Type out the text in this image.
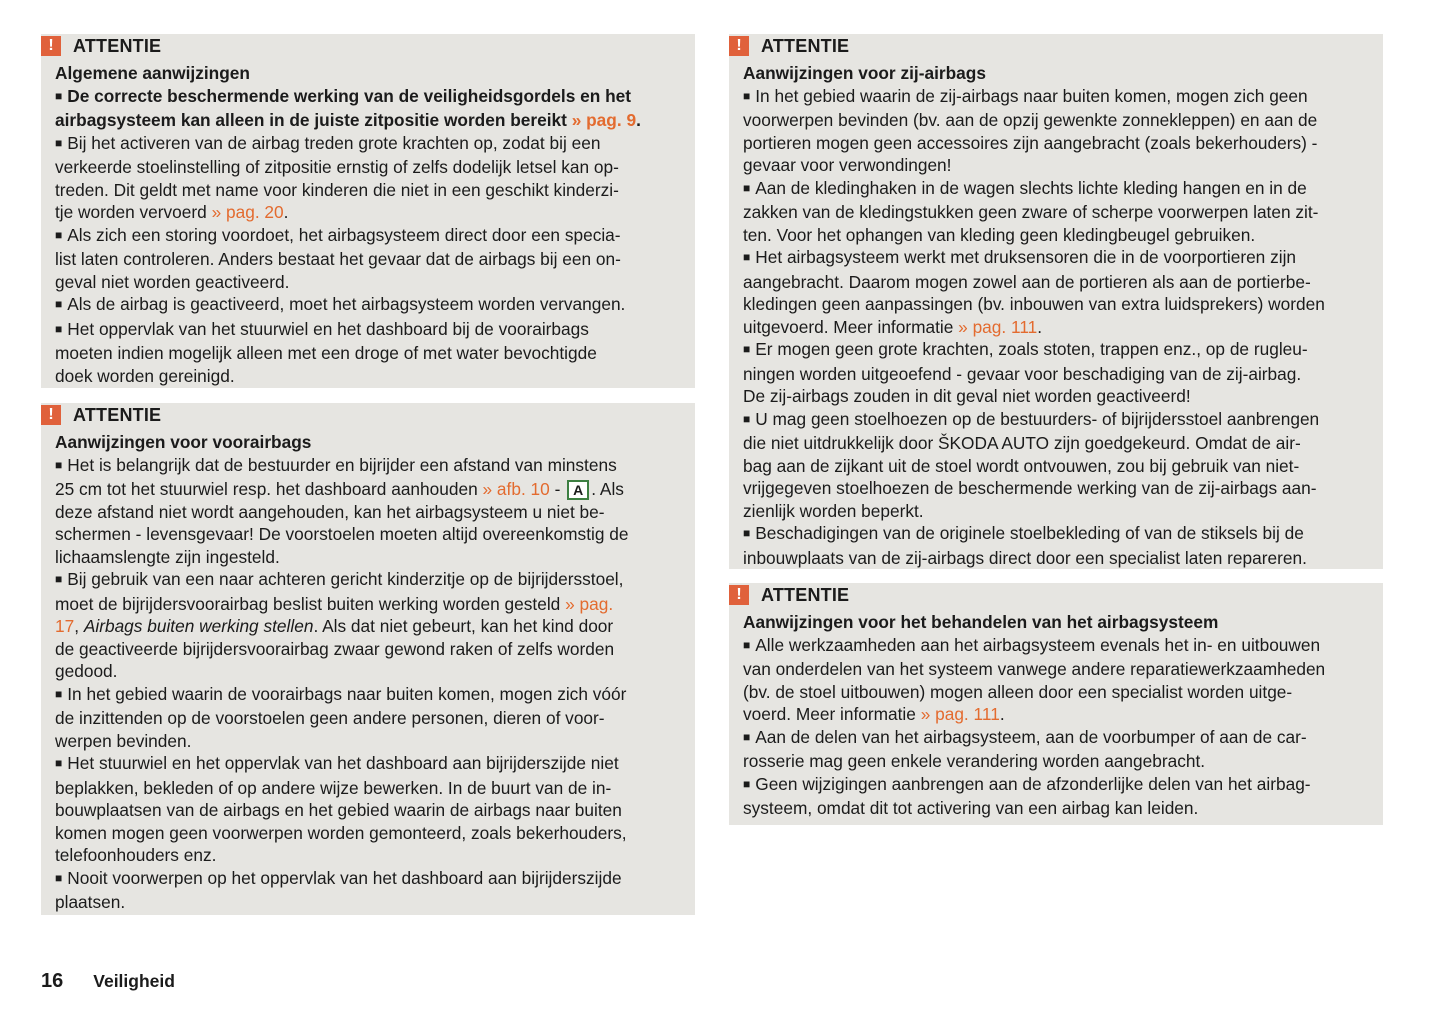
!	ATTENTIE
Algemene aanwijzingen
■ De correcte beschermende werking van de veiligheidsgordels en het
airbagsysteem kan alleen in de juiste zitpositie worden bereikt » pag. 9.
■ Bij het activeren van de airbag treden grote krachten op, zodat bij een
verkeerde stoelinstelling of zitpositie ernstig of zelfs dodelijk letsel kan op-
treden. Dit geldt met name voor kinderen die niet in een geschikt kinderzi-
tje worden vervoerd » pag. 20.
■ Als zich een storing voordoet, het airbagsysteem direct door een specia-
list laten controleren. Anders bestaat het gevaar dat de airbags bij een on-
geval niet worden geactiveerd.
■ Als de airbag is geactiveerd, moet het airbagsysteem worden vervangen.
■ Het oppervlak van het stuurwiel en het dashboard bij de voorairbags
moeten indien mogelijk alleen met een droge of met water bevochtigde
doek worden gereinigd.
!	ATTENTIE
Aanwijzingen voor voorairbags
■ Het is belangrijk dat de bestuurder en bijrijder een afstand van minstens
25 cm tot het stuurwiel resp. het dashboard aanhouden » afb. 10 - A . Als
deze afstand niet wordt aangehouden, kan het airbagsysteem u niet be-
schermen - levensgevaar! De voorstoelen moeten altijd overeenkomstig de
lichaamslengte zijn ingesteld.
■ Bij gebruik van een naar achteren gericht kinderzitje op de bijrijdersstoel,
moet de bijrijdersvoorairbag beslist buiten werking worden gesteld » pag.
17, Airbags buiten werking stellen. Als dat niet gebeurt, kan het kind door
de geactiveerde bijrijdersvoorairbag zwaar gewond raken of zelfs worden
gedood.
■ In het gebied waarin de voorairbags naar buiten komen, mogen zich vóór
de inzittenden op de voorstoelen geen andere personen, dieren of voor-
werpen bevinden.
■ Het stuurwiel en het oppervlak van het dashboard aan bijrijderszijde niet
beplakken, bekleden of op andere wijze bewerken. In de buurt van de in-
bouwplaatsen van de airbags en het gebied waarin de airbags naar buiten
komen mogen geen voorwerpen worden gemonteerd, zoals bekerhouders,
telefoonhouders enz.
■ Nooit voorwerpen op het oppervlak van het dashboard aan bijrijderszijde
plaatsen.
!	ATTENTIE
Aanwijzingen voor zij-airbags
■ In het gebied waarin de zij-airbags naar buiten komen, mogen zich geen
voorwerpen bevinden (bv. aan de opzij gewenkte zonnekleppen) en aan de
portieren mogen geen accessoires zijn aangebracht (zoals bekerhouders) -
gevaar voor verwondingen!
■ Aan de kledinghaken in de wagen slechts lichte kleding hangen en in de
zakken van de kledingstukken geen zware of scherpe voorwerpen laten zit-
ten. Voor het ophangen van kleding geen kledingbeugel gebruiken.
■ Het airbagsysteem werkt met druksensoren die in de voorportieren zijn
aangebracht. Daarom mogen zowel aan de portieren als aan de portierbe-
kledingen geen aanpassingen (bv. inbouwen van extra luidsprekers) worden
uitgevoerd. Meer informatie » pag. 111.
■ Er mogen geen grote krachten, zoals stoten, trappen enz., op de rugleu-
ningen worden uitgeoefend - gevaar voor beschadiging van de zij-airbag.
De zij-airbags zouden in dit geval niet worden geactiveerd!
■ U mag geen stoelhoezen op de bestuurders- of bijrijdersstoel aanbrengen
die niet uitdrukkelijk door ŠKODA AUTO zijn goedgekeurd. Omdat de air-
bag aan de zijkant uit de stoel wordt ontvouwen, zou bij gebruik van niet-
vrijgegeven stoelhoezen de beschermende werking van de zij-airbags aan-
zienlijk worden beperkt.
■ Beschadigingen van de originele stoelbekleding of van de stiksels bij de
inbouwplaats van de zij-airbags direct door een specialist laten repareren.
!	ATTENTIE
Aanwijzingen voor het behandelen van het airbagsysteem
■ Alle werkzaamheden aan het airbagsysteem evenals het in- en uitbouwen
van onderdelen van het systeem vanwege andere reparatiewerkzaamheden
(bv. de stoel uitbouwen) mogen alleen door een specialist worden uitge-
voerd. Meer informatie » pag. 111.
■ Aan de delen van het airbagsysteem, aan de voorbumper of aan de car-
rosserie mag geen enkele verandering worden aangebracht.
■ Geen wijzigingen aanbrengen aan de afzonderlijke delen van het airbag-
systeem, omdat dit tot activering van een airbag kan leiden.
16 Veiligheid
